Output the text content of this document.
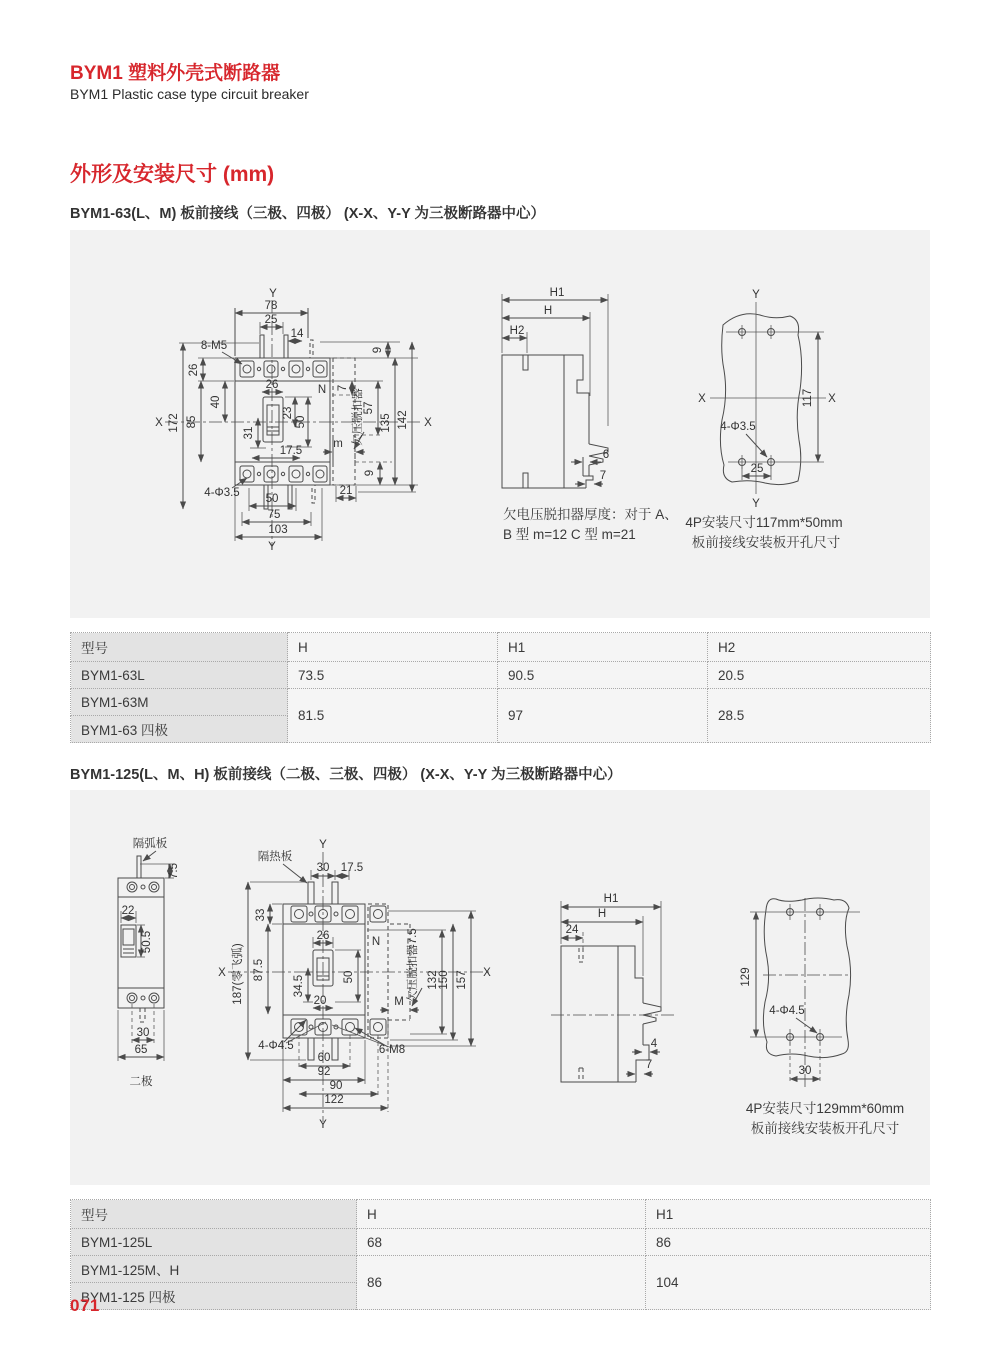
BYM1 塑料外壳式断路器
BYM1 Plastic case type circuit breaker
外形及安装尺寸 (mm)
BYM1-63(L、M) 板前接线（三极、四极） (X-X、Y-Y 为三极断路器中心）
欠电压脱扣器厚度：对于 A、
B 型 m=12 C 型 m=21
4P安装尺寸117mm*50mm
板前接线安装板开孔尺寸
Y
78
25
14
8-M5
26
172
X 85
40
26
23
50
31
17.5
4-Φ3.5 50
75
103
Y
N 7
57
欠压脱扣器
m
135 142 X
9
9
21
H1
H
H2
6
7
Y
X	X
117
4-Φ3.5
25
Y
型号	H	H1	H2
BYM1-63L	73.5	90.5	20.5
BYM1-63M	81.5	97	28.5
BYM1-63 四极			
BYM1-125(L、M、H) 板前接线（二极、三极、四极） (X-X、Y-Y 为三极断路器中心）
4P安装尺寸129mm*60mm
板前接线安装板开孔尺寸
隔弧板
7.5
22
50.5
30
65
二极
Y
隔热板
30 17.5
33
187(零飞弧)
X 87.5
26
50
34.5
20
N 欠压脱扣器7.5 132 150 157 X
M
4-Φ4.5	6-M8
60
92
90
122
Y
H1
H
24
4
7
129
4-Φ4.5
30
型号	H	H1
BYM1-125L	68	86
BYM1-125M、H	86	104
BYM1-125 四极		
071
